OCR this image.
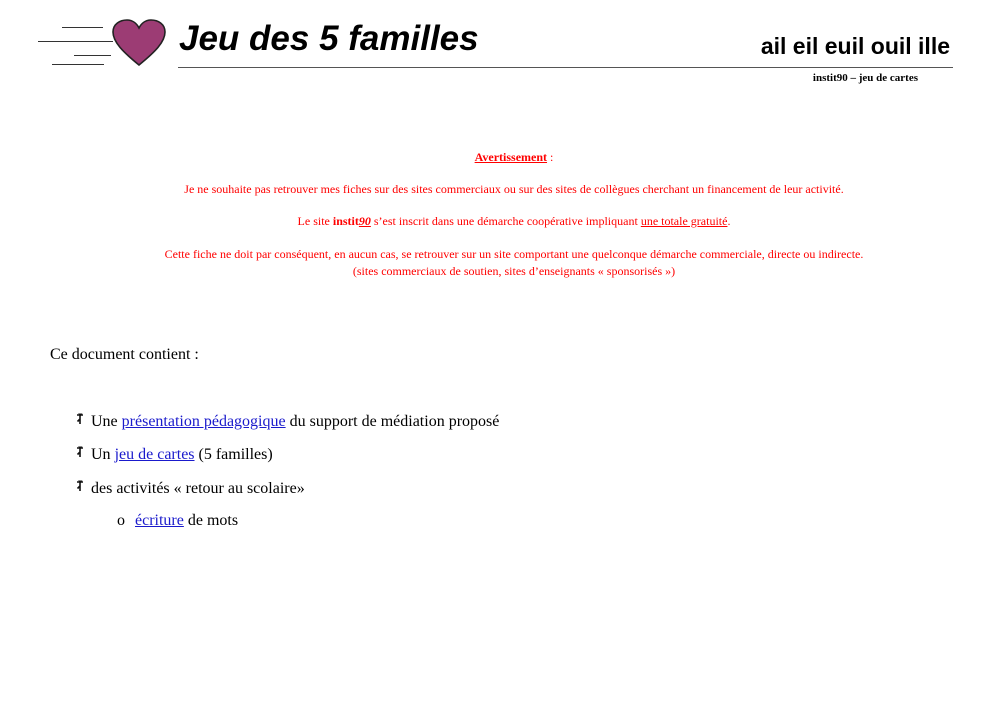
Jeu des 5 familles	ail eil euil ouil ille
instit90 – jeu de cartes
Avertissement :
Je ne souhaite pas retrouver mes fiches sur des sites commerciaux ou sur des sites de collègues cherchant un financement de leur activité.
Le site instit90 s’est inscrit dans une démarche coopérative impliquant une totale gratuité.
Cette fiche ne doit par conséquent, en aucun cas, se retrouver sur un site comportant une quelconque démarche commerciale, directe ou indirecte.
(sites commerciaux de soutien, sites d’enseignants « sponsorisés »)
Ce document contient :
Une présentation pédagogique du support de médiation proposé
Un jeu de cartes (5 familles)
des activités « retour au scolaire»
o écriture de mots
